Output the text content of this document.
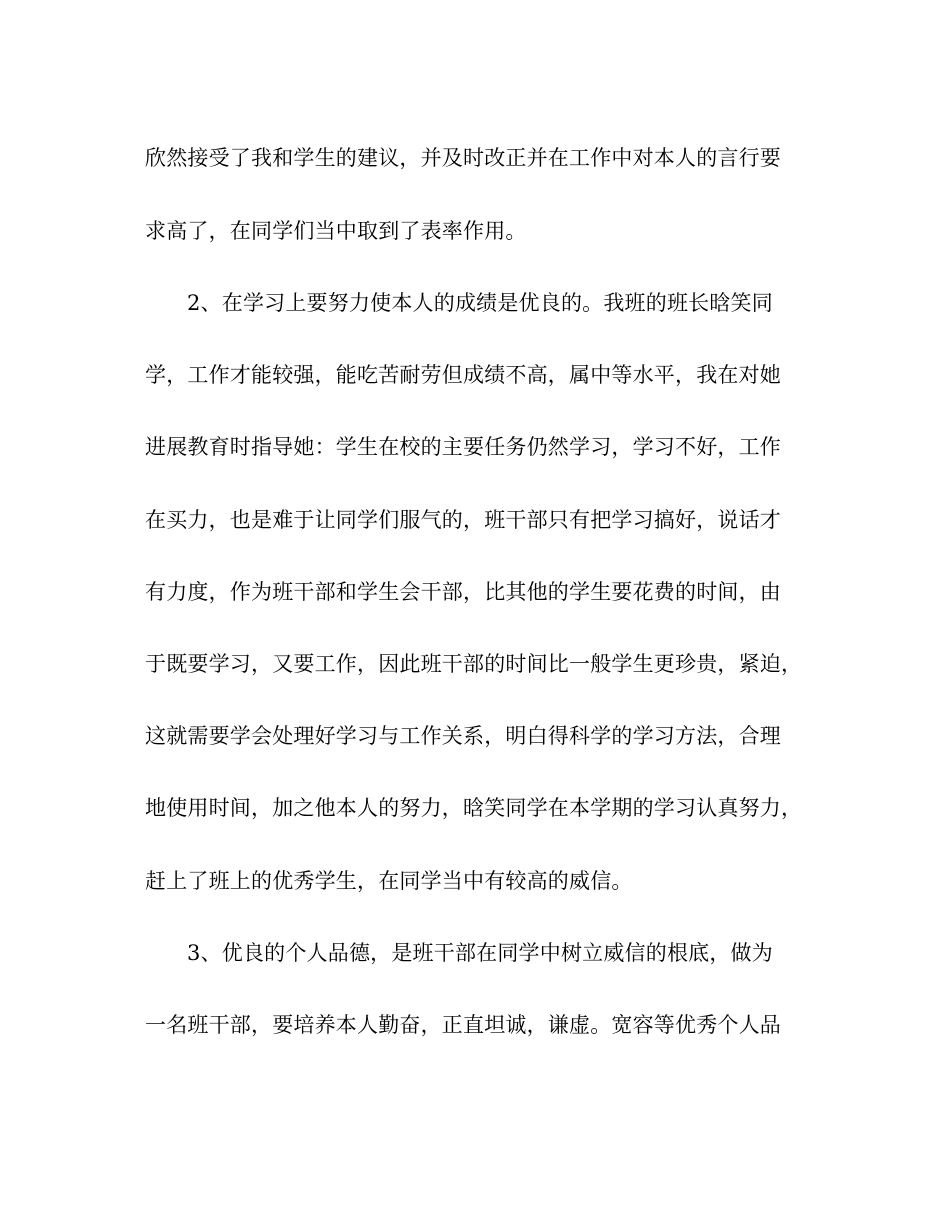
欣然接受了我和学生的建议，并及时改正并在工作中对本人的言行要
求高了，在同学们当中取到了表率作用。
2、在学习上要努力使本人的成绩是优良的。我班的班长晗笑同
学，工作才能较强，能吃苦耐劳但成绩不高，属中等水平，我在对她
进展教育时指导她：学生在校的主要任务仍然学习，学习不好，工作
在买力，也是难于让同学们服气的，班干部只有把学习搞好，说话才
有力度，作为班干部和学生会干部，比其他的学生要花费的时间，由
于既要学习，又要工作，因此班干部的时间比一般学生更珍贵，紧迫，
这就需要学会处理好学习与工作关系，明白得科学的学习方法，合理
地使用时间，加之他本人的努力，晗笑同学在本学期的学习认真努力，
赶上了班上的优秀学生，在同学当中有较高的威信。
3、优良的个人品德，是班干部在同学中树立威信的根底，做为
一名班干部，要培养本人勤奋，正直坦诚，谦虚。宽容等优秀个人品
